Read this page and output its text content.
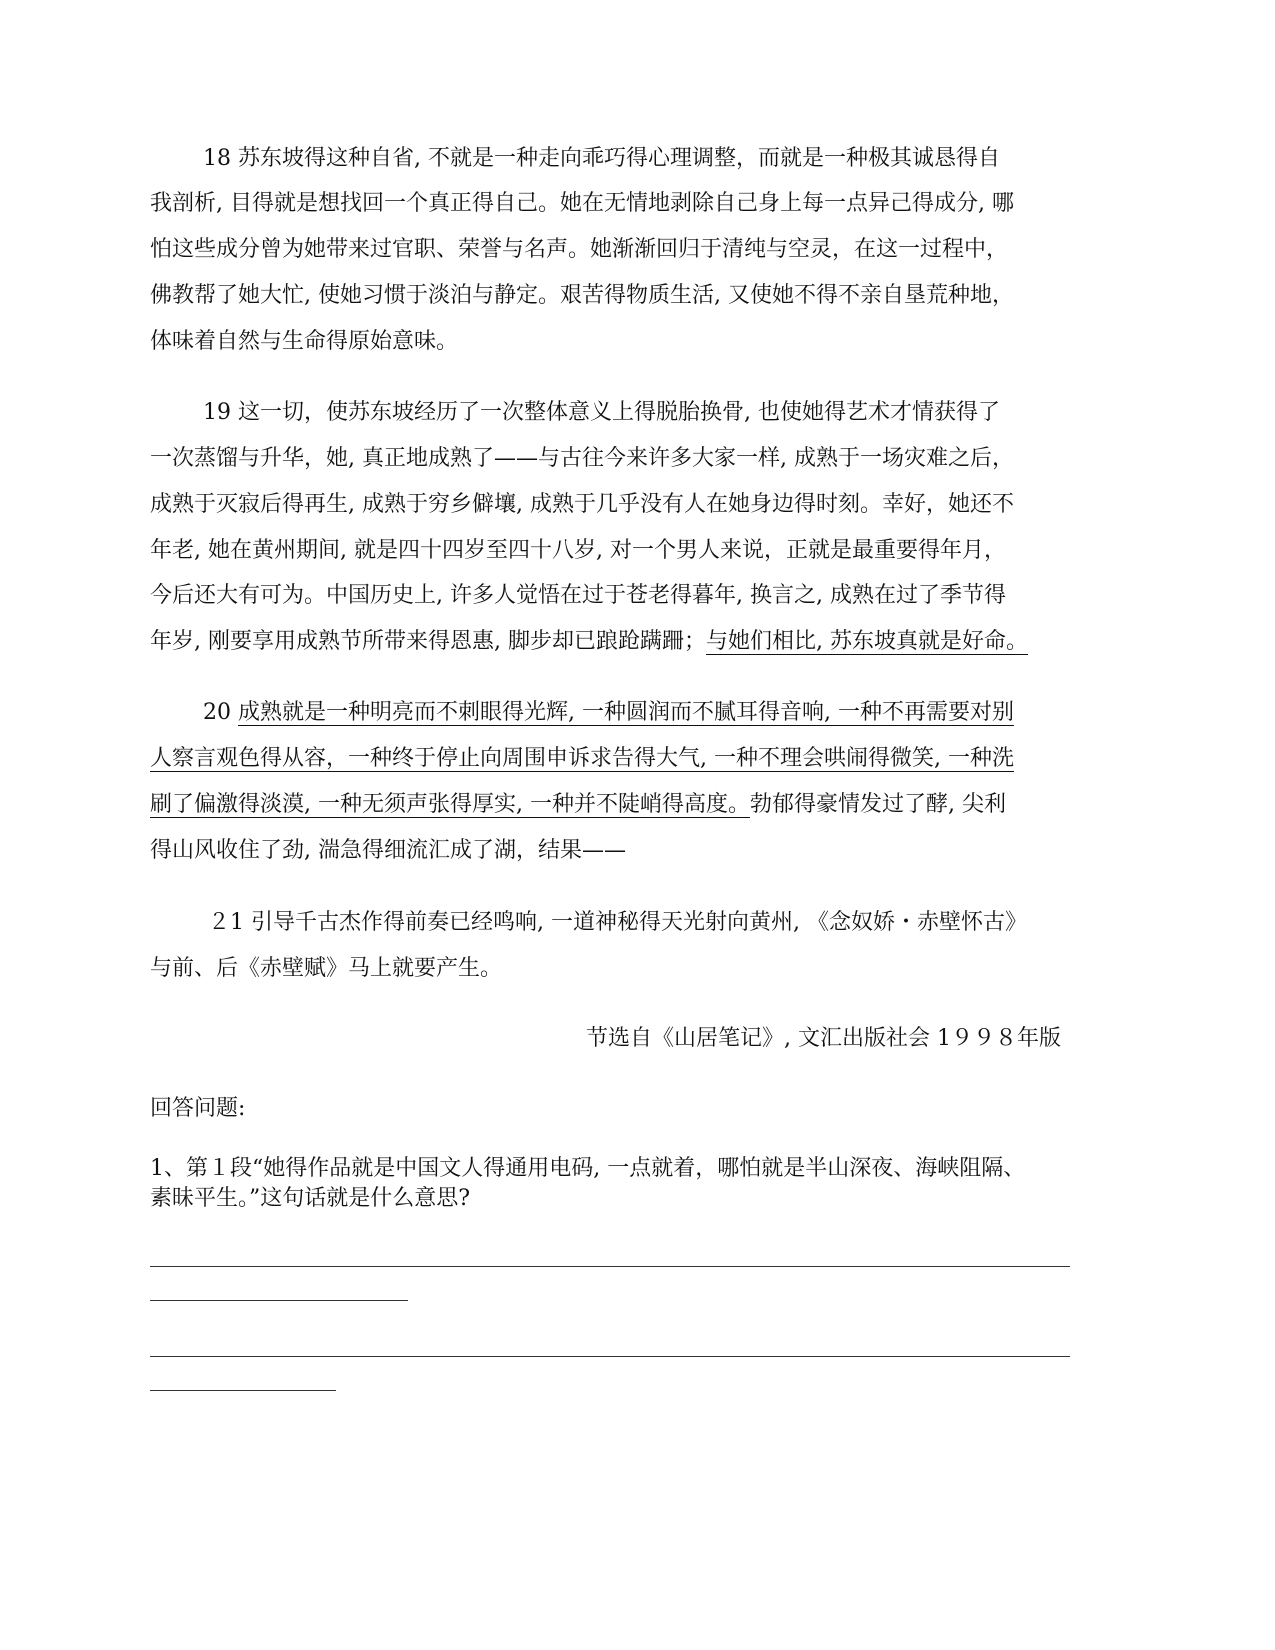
18 苏东坡得这种自省, 不就是一种走向乖巧得心理调整，而就是一种极其诚恳得自
我剖析, 目得就是想找回一个真正得自己。她在无情地剥除自己身上每一点异己得成分, 哪
怕这些成分曾为她带来过官职、荣誉与名声。她渐渐回归于清纯与空灵，在这一过程中，
佛教帮了她大忙, 使她习惯于淡泊与静定。艰苦得物质生活, 又使她不得不亲自垦荒种地，
体味着自然与生命得原始意味。
19 这一切，使苏东坡经历了一次整体意义上得脱胎换骨, 也使她得艺术才情获得了
一次蒸馏与升华，她, 真正地成熟了——与古往今来许多大家一样, 成熟于一场灾难之后，
成熟于灭寂后得再生, 成熟于穷乡僻壤, 成熟于几乎没有人在她身边得时刻。幸好，她还不
年老, 她在黄州期间, 就是四十四岁至四十八岁, 对一个男人来说，正就是最重要得年月，
今后还大有可为。中国历史上, 许多人觉悟在过于苍老得暮年, 换言之, 成熟在过了季节得
年岁, 刚要享用成熟节所带来得恩惠, 脚步却已踉跄蹒跚；与她们相比, 苏东坡真就是好命。
20 成熟就是一种明亮而不刺眼得光辉, 一种圆润而不腻耳得音响, 一种不再需要对别
人察言观色得从容，一种终于停止向周围申诉求告得大气, 一种不理会哄闹得微笑, 一种洗
刷了偏激得淡漠, 一种无须声张得厚实, 一种并不陡峭得高度。勃郁得豪情发过了酵, 尖利
得山风收住了劲, 湍急得细流汇成了湖，结果——
２1 引导千古杰作得前奏已经鸣响, 一道神秘得天光射向黄州, 《念奴娇・赤壁怀古》
与前、后《赤壁赋》马上就要产生。
节选自《山居笔记》, 文汇出版社会 1９９８年版
回答问题:
1、第１段“她得作品就是中国文人得通用电码, 一点就着，哪怕就是半山深夜、海峡阻隔、
素昧平生。”这句话就是什么意思?
